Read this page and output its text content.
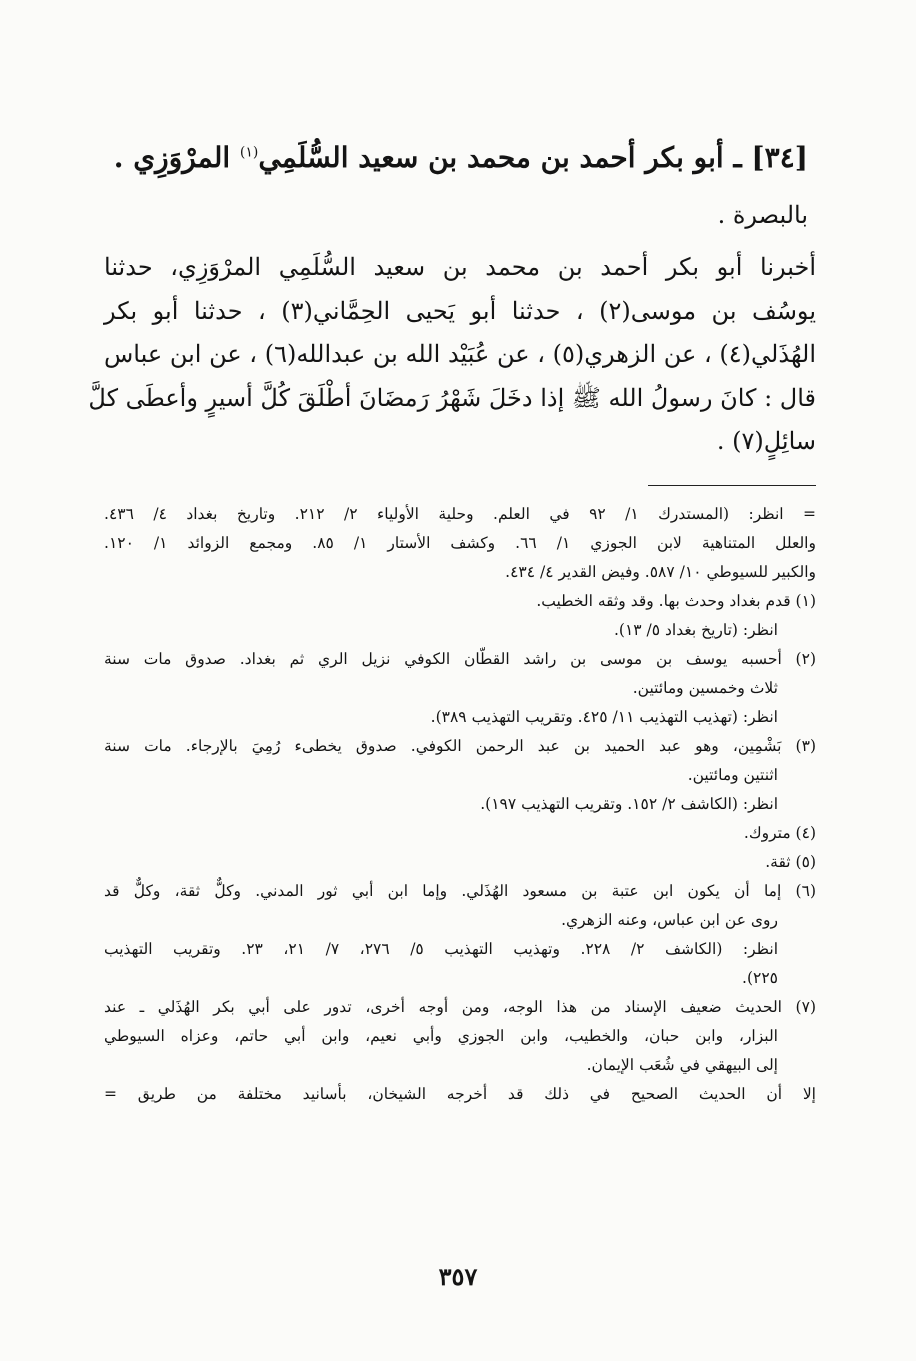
[٣٤] ـ أبو بكر أحمد بن محمد بن سعيد السُّلَمِي$^{(١)}$ المرْوَزِي .
بالبصرة .
أخبرنا أبو بكر أحمد بن محمد بن سعيد السُّلَمِي المرْوَزِي، حدثنا
يوسُف بن موسى(٢) ، حدثنا أبو يَحيى الحِمَّاني(٣) ، حدثنا أبو بكر
الهُذَلي(٤) ، عن الزهري(٥) ، عن عُبَيْد الله بن عبدالله(٦) ، عن ابن عباس
قال : كانَ رسولُ الله ﷺ إذا دخَلَ شَهْرُ رَمضَانَ أطْلَقَ كُلَّ أسيرٍ وأعطَى كلَّ
سائِلٍ(٧) .
= انظر: (المستدرك ١/ ٩٢ في العلم. وحلية الأولياء ٢/ ٢١٢. وتاريخ بغداد ٤/ ٤٣٦.
والعلل المتناهية لابن الجوزي ١/ ٦٦. وكشف الأستار ١/ ٨٥. ومجمع الزوائد ١/ ١٢٠.
والكبير للسيوطي ١٠/ ٥٨٧. وفيض القدير ٤/ ٤٣٤.
(١) قدم بغداد وحدث بها. وقد وثقه الخطيب.
انظر: (تاريخ بغداد ٥/ ١٣).
(٢) أحسبه يوسف بن موسى بن راشد القطّان الكوفي نزيل الري ثم بغداد. صدوق مات سنة
ثلاث وخمسين ومائتين.
انظر: (تهذيب التهذيب ١١/ ٤٢٥. وتقريب التهذيب ٣٨٩).
(٣) بَشْمِين، وهو عبد الحميد بن عبد الرحمن الكوفي. صدوق يخطىء رُمِيَ بالإرجاء. مات سنة
اثنتين ومائتين.
انظر: (الكاشف ٢/ ١٥٢. وتقريب التهذيب ١٩٧).
(٤) متروك.
(٥) ثقة.
(٦) إما أن يكون ابن عتبة بن مسعود الهُذَلي. وإما ابن أبي ثور المدني. وكلٌّ ثقة، وكلٌّ قد
روى عن ابن عباس، وعنه الزهري.
انظر: (الكاشف ٢/ ٢٢٨. وتهذيب التهذيب ٥/ ٢٧٦، ٧/ ٢١، ٢٣. وتقريب التهذيب
٢٢٥).
(٧) الحديث ضعيف الإسناد من هذا الوجه، ومن أوجه أخرى، تدور على أبي بكر الهُذَلي ـ عند
البزار، وابن حبان، والخطيب، وابن الجوزي وأبي نعيم، وابن أبي حاتم، وعزاه السيوطي
إلى البيهقي في شُعَب الإيمان.
إلا أن الحديث الصحيح في ذلك قد أخرجه الشيخان، بأسانيد مختلفة من طريق =
٣٥٧
